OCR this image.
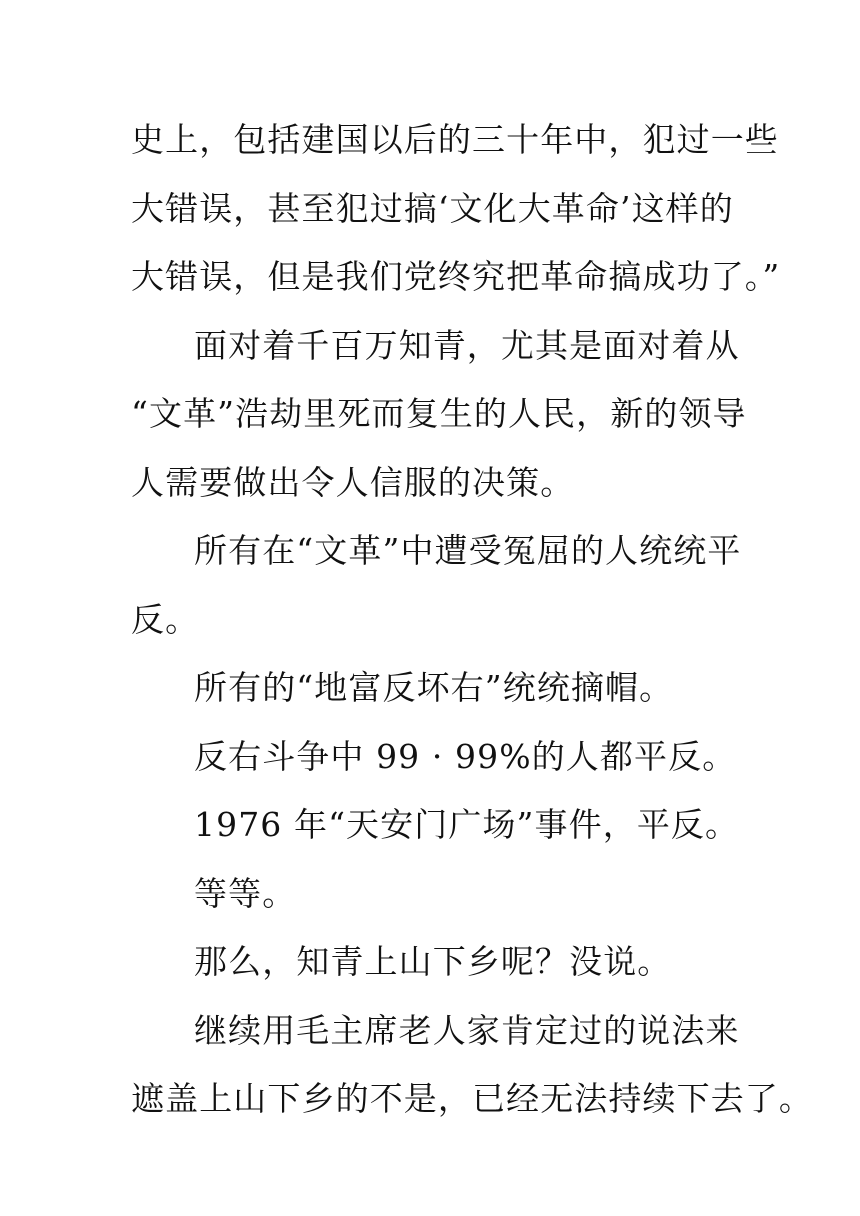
史上，包括建国以后的三十年中，犯过一些
大错误，甚至犯过搞‘文化大革命’这样的
大错误，但是我们党终究把革命搞成功了。”
面对着千百万知青，尤其是面对着从
“文革”浩劫里死而复生的人民，新的领导
人需要做出令人信服的决策。
所有在“文革”中遭受冤屈的人统统平
反。
所有的“地富反坏右”统统摘帽。
反右斗争中 99 · 99%的人都平反。
1976 年“天安门广场”事件，平反。
等等。
那么，知青上山下乡呢？没说。
继续用毛主席老人家肯定过的说法来
遮盖上山下乡的不是，已经无法持续下去了。
